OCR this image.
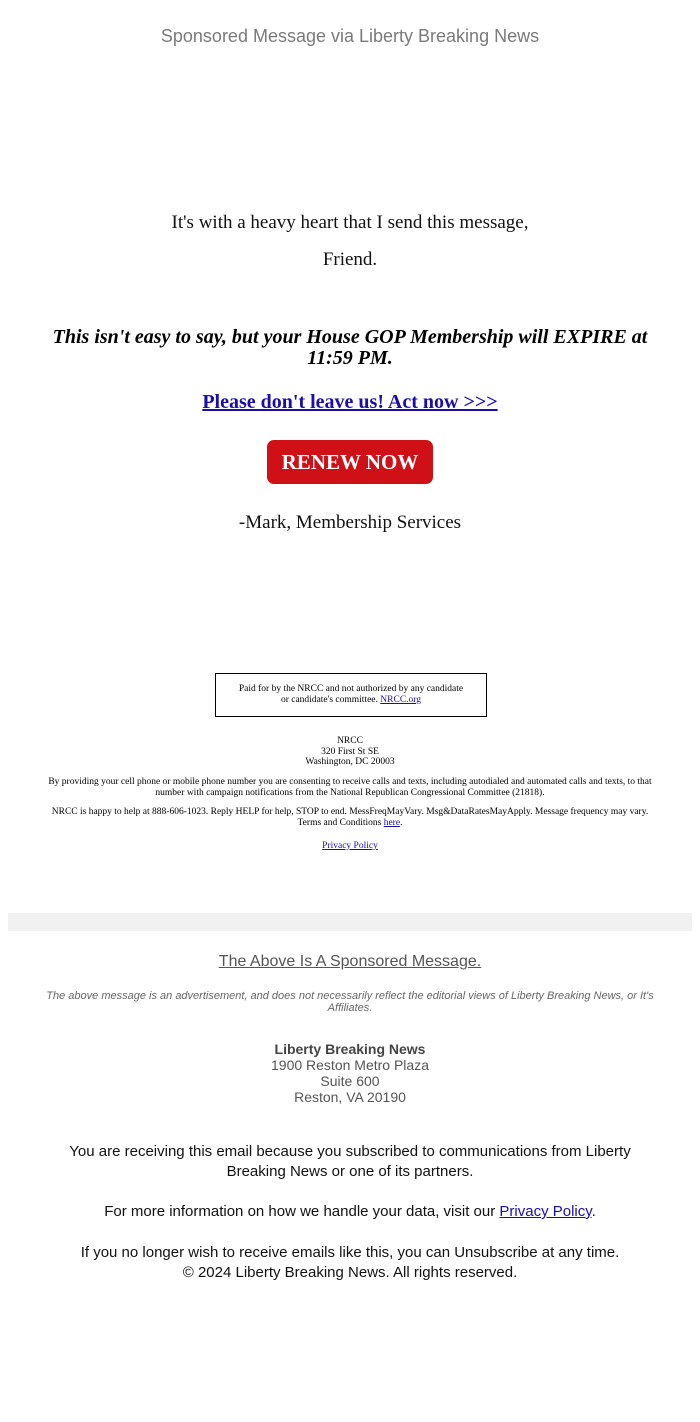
Sponsored Message via Liberty Breaking News
It's with a heavy heart that I send this message,
Friend.
This isn't easy to say, but your House GOP Membership will EXPIRE at 11:59 PM.
Please don't leave us! Act now >>>
RENEW NOW
-Mark, Membership Services
Paid for by the NRCC and not authorized by any candidate or candidate's committee. NRCC.org
NRCC
320 First St SE
Washington, DC 20003
By providing your cell phone or mobile phone number you are consenting to receive calls and texts, including autodialed and automated calls and texts, to that number with campaign notifications from the National Republican Congressional Committee (21818).
NRCC is happy to help at 888-606-1023. Reply HELP for help, STOP to end. MessFreqMayVary. Msg&DataRatesMayApply. Message frequency may vary. Terms and Conditions here.
Privacy Policy
The Above Is A Sponsored Message.
The above message is an advertisement, and does not necessarily reflect the editorial views of Liberty Breaking News, or It's Affiliates.
Liberty Breaking News
1900 Reston Metro Plaza
Suite 600
Reston, VA 20190
You are receiving this email because you subscribed to communications from Liberty Breaking News or one of its partners.
For more information on how we handle your data, visit our Privacy Policy.
If you no longer wish to receive emails like this, you can Unsubscribe at any time.
© 2024 Liberty Breaking News. All rights reserved.
